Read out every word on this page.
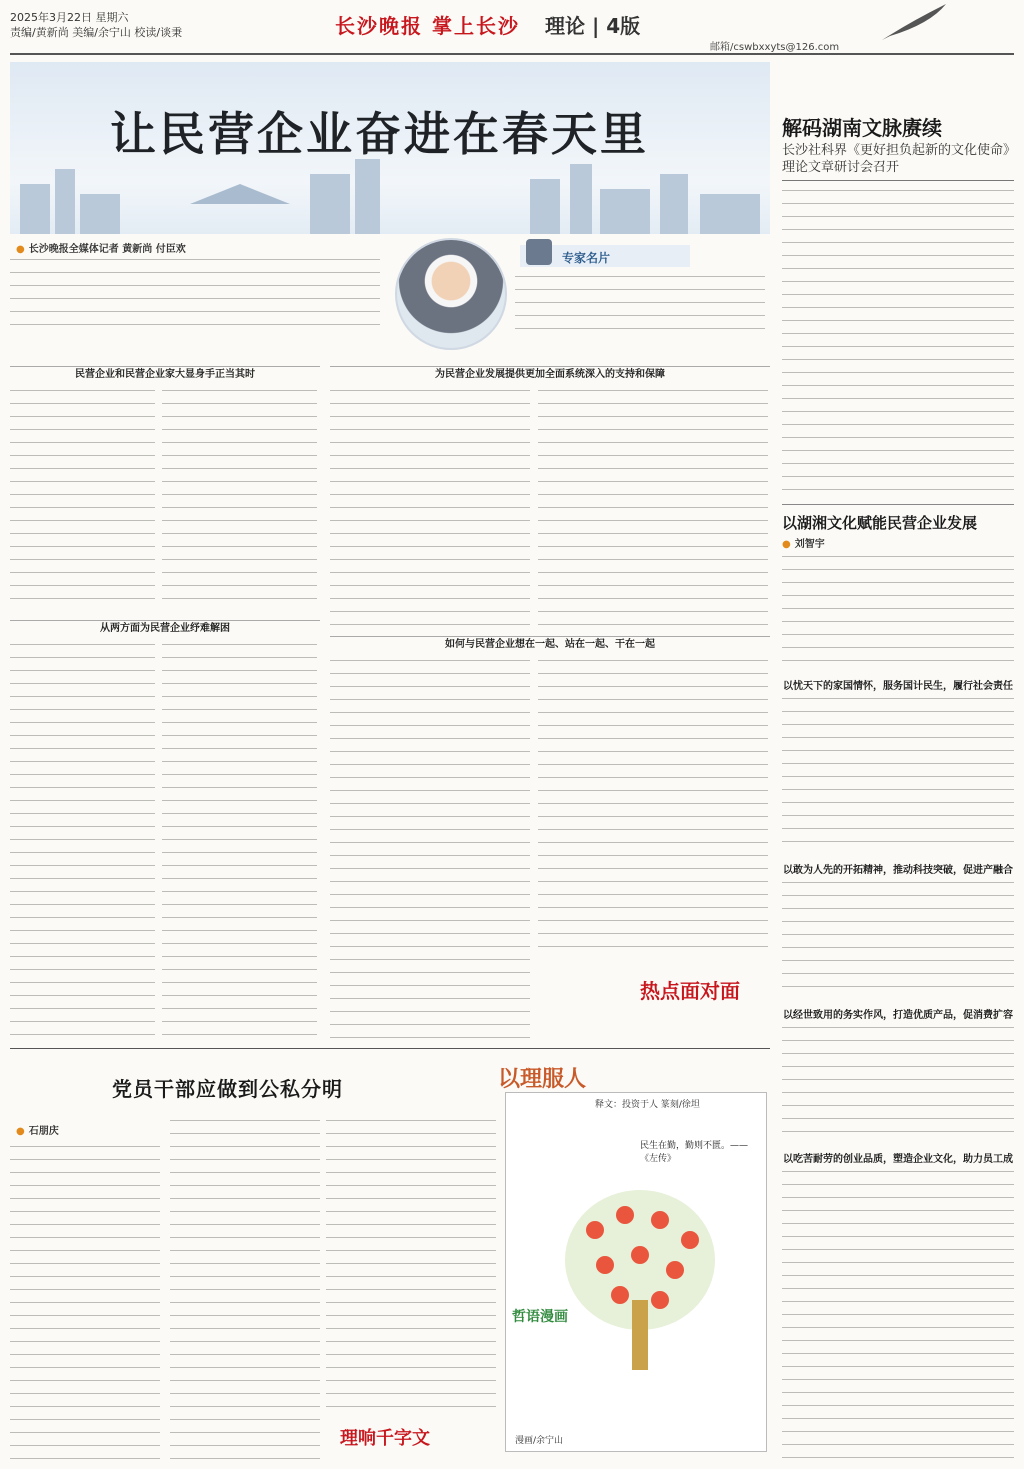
2025年3月22日 星期六
责编/黄新尚 美编/余宁山 校读/谈秉	长沙晚报 掌上长沙 理论 | 4版
邮箱/cswbxxyts@126.com
让民营企业奋进在春天里	解码湖南文脉赓续
长沙社科界《更好担负起新的文化使命》理论文章研讨会召开
以湖湘文化赋能民营企业发展
● 刘智宇
以忧天下的家国情怀，服务国计民生，履行社会责任
以敢为人先的开拓精神，推动科技突破，促进产融合
以经世致用的务实作风，打造优质产品，促消费扩容
以吃苦耐劳的创业品质，塑造企业文化，助力员工成
● 长沙晚报全媒体记者 黄新尚 付臣欢
专家名片
民营企业和民营企业家大显身手正当其时	为民营企业发展提供更加全面系统深入的支持和保障
从两方面为民营企业纾难解困
如何与民营企业想在一起、站在一起、干在一起
热点面对面
党员干部应做到公私分明
● 石朋庆
理响千字文
以理服人
释文：投资于人 篆刻/徐坦
民生在勤，勤则不匮。——《左传》
哲语漫画
漫画/余宁山
